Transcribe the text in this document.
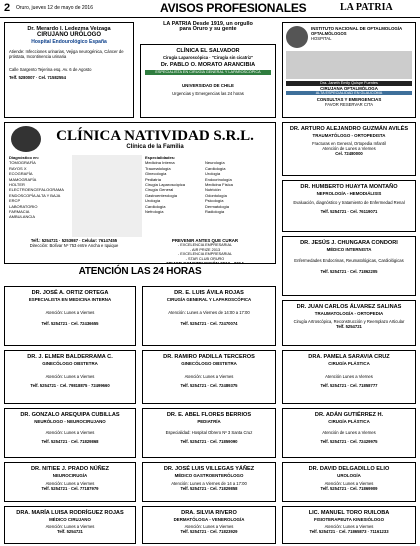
2 Oruro, jueves 12 de mayo de 2016	AVISOS PROFESIONALES	LA PATRIA
Dr. Merardo I. Ledezma Veizaga
CIRUJANO URÓLOGO
Hospital Endourológico España
Atiende: Infecciones urinarias, Vejiga neurogénica, Cáncer de próstata, Incontinencia urinaria
Calle Sargento Tejerina esq. Av. 6 de Agosto
Telf. 5280007 · Cel. 71582554
LA PATRIA Desde 1919, un orgullo
para Oruro y su gente
CLÍNICA EL SALVADOR
Cirugía Laparoscópica · "Cirugía sin cicatriz"
Dr. PABLO O. MORATO ARANCIBIA
ESPECIALISTA EN CIRUGÍA GENERAL Y LAPAROSCÓPICA
UNIVERSIDAD DE CHILE
Urgencias y Emergencias las 24 horas
INSTITUTO NACIONAL DE OFTALMOLOGÍA
OFTALMÓLOGOS
HOSPITAL
Dra. Janeth Emily Quispe Fuentes
CIRUJANA OFTALMÓLOGA
ALTA ESPECIALIDAD EN GLAUCOMA
CONSULTAS Y EMERGENCIAS
FAVOR RESERVAR CITA
CLÍNICA NATIVIDAD S.R.L.
Clínica de la Familia
Diagnóstico en:
TOMOGRAFÍA
RAYOS X
ECOGRAFÍA
MAMOGRAFÍA
HOLTER
ELECTROENCEFALOGRAMA
ENDOSCOPÍA ALTA Y BAJA
ERCP
LABORATORIO
FARMACIA
AMBULANCIA
Especialidades:
Medicina Interna
Traumatología
Ginecología
Pediatría
Cirugía Laparoscópica
Cirugía General
Gastroenterología
Urología
Cardiología
Nefrología
Neurología
Cardiología
Urología
Endocrinología
Medicina Física
Nutrición
Odontología
Psicología
Dermatología
Radiología
Telf.: 5254721 · 5253987 · Celular: 76147455
Dirección: Bolívar Nº 753 entre Ancha e Iquique
PREVENIR ANTES QUE CURAR
- EXCELENCIA EMPRESARIAL
- AIR PRIZE 2013
- EXCELENCIA EMPRESARIAL
- STAR CLUB ORURO
MEJOR CONSTRUCCIÓN 2013 - 2014
ATENCIÓN LAS 24 HORAS
DR. ARTURO ALEJANDRO GUZMÁN AVILÉS
TRAUMATÓLOGO - ORTOPEDISTA
Fracturas en General, Ortopedia Infantil
Atención de Lunes a Viernes
Cel. 72480000
DR. HUMBERTO HUAYTA MONTAÑO
NEFROLOGÍA - HEMODIÁLISIS
Evaluación, diagnóstico y tratamiento de Enfermedad Renal
Telf. 5254721 · Cel. 76119071
DR. JESÚS J. CHUNGARA CONDORI
MÉDICO INTERNISTA
Enfermedades Endocrinas, Reumatológicas, Cardiológicas
Telf. 5254721 · Cel. 71862205
DR. JOSÉ A. ORTIZ ORTEGA
ESPECIALISTA EN MEDICINA INTERNA
Atención: Lunes a Viernes
Telf. 5254721 · Cel. 72436655
DR. E. LUIS ÁVILA ROJAS
CIRUGÍA GENERAL Y LAPAROSCÓPICA
Atención: Lunes a Viernes de 14:00 a 17:00
Telf. 5254721 · Cel. 72470074
DR. JUAN CARLOS ÁLVAREZ SALINAS
TRAUMATOLOGÍA - ORTOPEDIA
Cirugía Artroscópica, Reconstrucción y Reemplazo Articular
Telf. 5254721
DR. J. ELMER BALDERRAMA C.
GINECÓLOGO OBSTETRA
Atención: Lunes a Viernes
Telf. 5254721 · Cel. 79818875 · 72499660
DR. RAMIRO PADILLA TERCEROS
GINECÓLOGO OBSTETRA
Atención: Lunes a Viernes
Telf. 5254721 · Cel. 72489375
DRA. PAMELA SARAVIA CRUZ
CIRUGÍA PLÁSTICA
Atención Lunes a Viernes
Telf. 5254721 · Cel. 71858777
DR. GONZALO AREQUIPA CUBILLAS
NEURÓLOGO - NEUROCIRUJANO
Atención: Lunes a Viernes
Telf. 5254721 · Cel. 71829868
DR. E. ABEL FLORES BERRIOS
PEDIATRÍA
Especialidad: Hospital Obrero Nº 3 Santa Cruz
Telf. 5254721 · Cel. 71859090
DR. ADÁN GUTIÉRREZ H.
CIRUGÍA PLÁSTICA
Atención de Lunes a Viernes
Telf. 5254721 · Cel. 72429975
DR. NITIEE J. PRADO NÚÑEZ
NEUROCIRUGÍA
Atención: Lunes a Viernes
Telf. 5254721 · Cel. 77187979
DR. JOSÉ LUIS VILLEGAS YÁÑEZ
MÉDICO GASTROENTERÓLOGO
Atención: Lunes a Viernes de 14 a 17:00
Telf. 5254721 · Cel. 71829858
DR. DAVID DELGADILLO ELIO
UROLOGÍA
Atención: Lunes a Viernes
Telf. 5254721 · Cel. 71869909
DRA. MARÍA LUISA RODRÍGUEZ ROJAS
MÉDICO CIRUJANO
Atención: Lunes a Viernes
Telf. 5254721
DRA. SILVIA RIVERO
DERMATÓLOGA - VENEROLOGÍA
Atención: Lunes a Viernes
Telf. 5254721 · Cel. 71823929
LIC. MANUEL TORO RUILOBA
FISIOTERAPEUTA KINESIÓLOGO
Atención: Lunes a Viernes
Telf. 5254721 · Cel. 71865873 · 71161233
